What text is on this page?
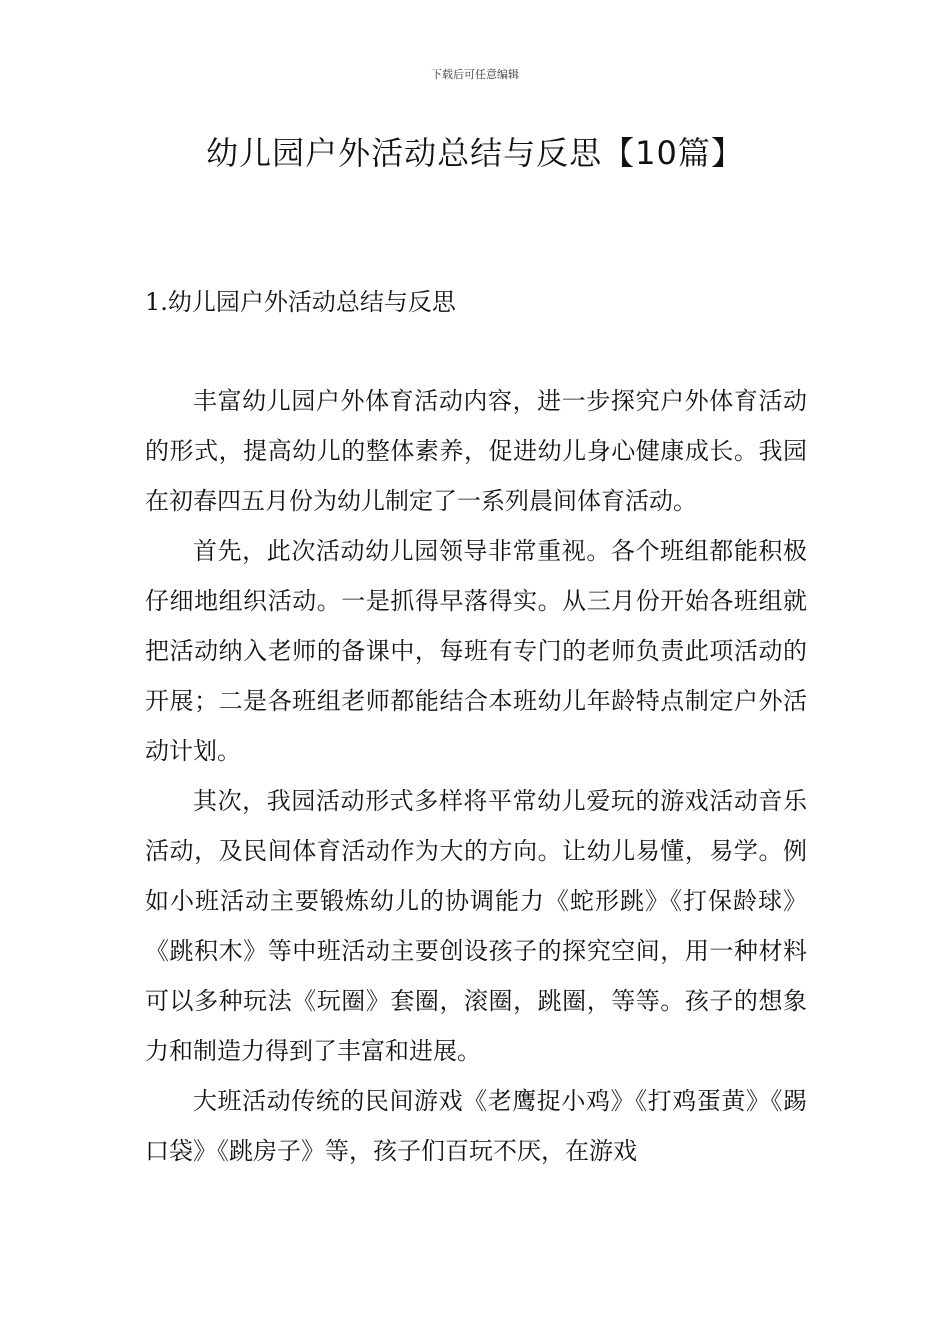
下载后可任意编辑
幼儿园户外活动总结与反思【10篇】
1.幼儿园户外活动总结与反思

丰富幼儿园户外体育活动内容，进一步探究户外体育活动的形式，提高幼儿的整体素养，促进幼儿身心健康成长。我园在初春四五月份为幼儿制定了一系列晨间体育活动。

首先，此次活动幼儿园领导非常重视。各个班组都能积极仔细地组织活动。一是抓得早落得实。从三月份开始各班组就把活动纳入老师的备课中，每班有专门的老师负责此项活动的开展；二是各班组老师都能结合本班幼儿年龄特点制定户外活动计划。

其次，我园活动形式多样将平常幼儿爱玩的游戏活动音乐活动，及民间体育活动作为大的方向。让幼儿易懂，易学。例如小班活动主要锻炼幼儿的协调能力《蛇形跳》《打保龄球》《跳积木》等中班活动主要创设孩子的探究空间，用一种材料可以多种玩法《玩圈》套圈，滚圈，跳圈，等等。孩子的想象力和制造力得到了丰富和进展。

大班活动传统的民间游戏《老鹰捉小鸡》《打鸡蛋黄》《踢口袋》《跳房子》等，孩子们百玩不厌，在游戏
